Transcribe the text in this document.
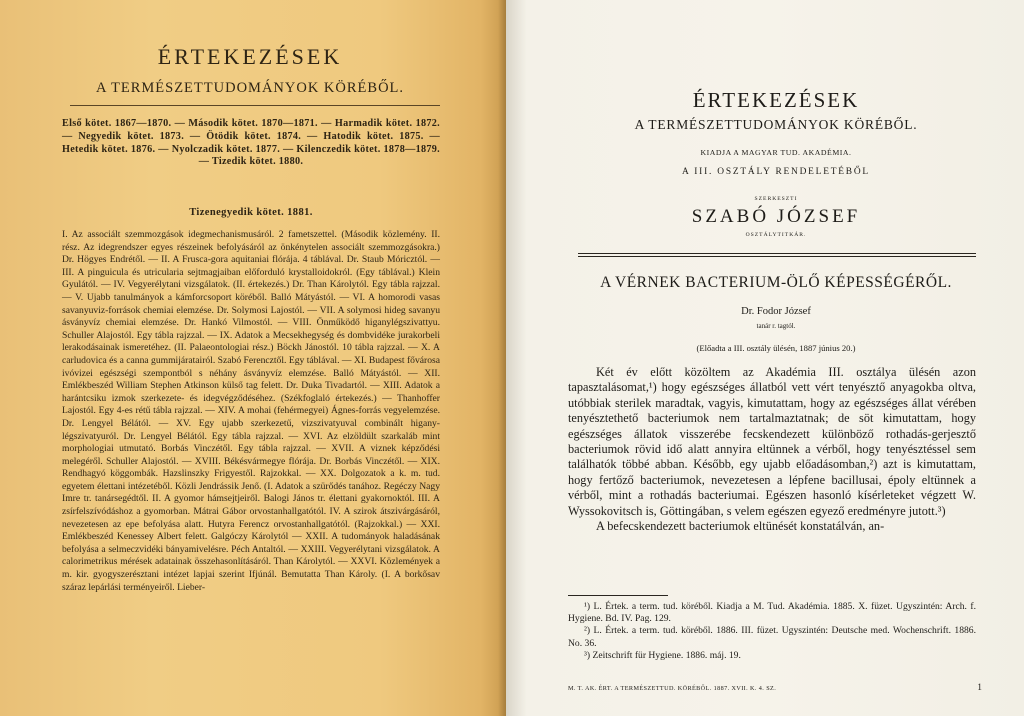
ÉRTEKEZÉSEK
A TERMÉSZETTUDOMÁNYOK KÖRÉBŐL.
Első kötet. 1867—1870. — Második kötet. 1870—1871. — Harmadik kötet. 1872. — Negyedik kötet. 1873. — Ötödik kötet. 1874. — Hatodik kötet. 1875. — Hetedik kötet. 1876. — Nyolczadik kötet. 1877. — Kilenczedik kötet. 1878—1879. — Tizedik kötet. 1880.
Tizenegyedik kötet. 1881.
I. Az associált szemmozgások idegmechanismusáról. 2 fametszettel. (Második közlemény. II. rész. Az idegrendszer egyes részeinek befolyásáról az önkénytelen associált szemmozgásokra.) Dr. Högyes Endrétől. — II. A Frusca-gora aquitaniai flórája. 4 táblával. Dr. Staub Móricztól. — III. A pinguicula és utricularia sejtmagjaiban előforduló krystalloidokról. (Egy táblával.) Klein Gyulától. — IV. Vegyerélytani vizsgálatok. (II. értekezés.) Dr. Than Károlytól. Egy tábla rajzzal. — V. Ujabb tanulmányok a kámforcsoport köréből. Balló Mátyástól. — VI. A homorodi vasas savanyuviz-források chemiai elemzése. Dr. Solymosi Lajostól. — VII. A solymosi hideg savanyu ásványvíz chemiai elemzése. Dr. Hankó Vilmostól. — VIII. Önműködő higanylégszivattyu. Schuller Alajostól. Egy tábla rajzzal. — IX. Adatok a Mecsekhegység és dombvidéke jurakorbeli lerakodásainak ismeretéhez. (II. Palaeontologiai rész.) Böckh Jánostól. 10 tábla rajzzal. — X. A carludovica és a canna gummijáratairól. Szabó Ferencztől. Egy táblával. — XI. Budapest fővárosa ivóvizei egészségi szempontból s néhány ásványvíz elemzése. Balló Mátyástól. — XII. Emlékbeszéd William Stephen Atkinson külső tag felett. Dr. Duka Tivadartól. — XIII. Adatok a harántcsiku izmok szerkezete- és idegvégződéséhez. (Székfoglaló értekezés.) — Thanhoffer Lajostól. Egy 4-es rétű tábla rajzzal. — XIV. A mohai (fehérmegyei) Ágnes-forrás vegyelemzése. Dr. Lengyel Bélától. — XV. Egy ujabb szerkezetű, vizszivatyuval combinált higany-légszivatyuról. Dr. Lengyel Bélától. Egy tábla rajzzal. — XVI. Az elzöldült szarkaláb mint morphologiai utmutató. Borbás Vinczétől. Egy tábla rajzzal. — XVII. A viznek képződési melegéről. Schuller Alajostól. — XVIII. Békésvármegye flórája. Dr. Borbás Vinczétől. — XIX. Rendhagyó köggombák. Hazslinszky Frigyestől. Rajzokkal. — XX. Dolgozatok a k. m. tud. egyetem élettani intézetéből. Közli Jendrássik Jenő. (I. Adatok a szürődés tanához. Regéczy Nagy Imre tr. tanársegédtől. II. A gyomor hámsejtjeiről. Balogi János tr. élettani gyakornoktól. III. A zsírfelszívódáshoz a gyomorban. Mátrai Gábor orvostanhallgatótól. IV. A szirok átszivárgásáról, nevezetesen az epe befolyása alatt. Hutyra Ferencz orvostanhallgatótól. (Rajzokkal.) — XXI. Emlékbeszéd Kenessey Albert felett. Galgóczy Károlytól — XXII. A tudományok haladásának befolyása a selmeczvidéki bányamivelésre. Péch Antaltól. — XXIII. Vegyerélytani vizsgálatok. A calorimetrikus mérések adatainak összehasonlításáról. Than Károlytól. — XXVI. Közlemények a m. kir. gyogyszerésztani intézet lapjai szerint Ifjúnál. Bemutatta Than Károly. (I. A borkősav száraz lepárlási terményeiről. Lieber-
ÉRTEKEZÉSEK
A TERMÉSZETTUDOMÁNYOK KÖRÉBŐL.
KIADJA A MAGYAR TUD. AKADÉMIA.
A III. OSZTÁLY RENDELETÉBŐL
SZERKESZTI
SZABÓ JÓZSEF
OSZTÁLYTITKÁR.
A VÉRNEK BACTERIUM-ÖLŐ KÉPESSÉGÉRŐL.
Dr. Fodor József
tanár r. tagtól.
(Előadta a III. osztály ülésén, 1887 június 20.)

Két év előtt közöltem az Akadémia III. osztálya ülésén azon tapasztalásomat,¹) hogy egészséges állatból vett vért tenyésztő anyagokba oltva, utóbbiak sterilek maradtak, vagyis, kimutattam, hogy az egészséges állat vérében tenyésztethető bacteriumok nem tartalmaztatnak; de söt kimutattam, hogy egészséges állatok visszerébe fecskendezett különböző rothadás-gerjesztő bacteriumok rövid idő alatt annyira eltünnek a vérből, hogy tenyésztéssel sem találhatók többé abban. Később, egy ujabb előadásomban,²) azt is kimutattam, hogy fertőző bacteriumok, nevezetesen a lépfene bacillusai, époly eltünnek a vérből, mint a rothadás bacteriumai. Egészen hasonló kísérleteket végzett W. Wyssokovitsch is, Göttingában, s velem egészen egyező eredményre jutott.³)

A befecskendezett bacteriumok eltünését konstatálván, an-

¹) L. Értek. a term. tud. köréből. Kiadja a M. Tud. Akadémia. 1885. X. füzet. Ugyszintén: Arch. f. Hygiene. Bd. IV. Pag. 129.
²) L. Értek. a term. tud. köréből. 1886. III. füzet. Ugyszintén: Deutsche med. Wochenschrift. 1886. No. 36.
³) Zeitschrift für Hygiene. 1886. máj. 19.
M. T. AK. ÉRT. A TERMÉSZETTUD. KÖRÉBŐL. 1887. XVII. K. 4. SZ.	1
